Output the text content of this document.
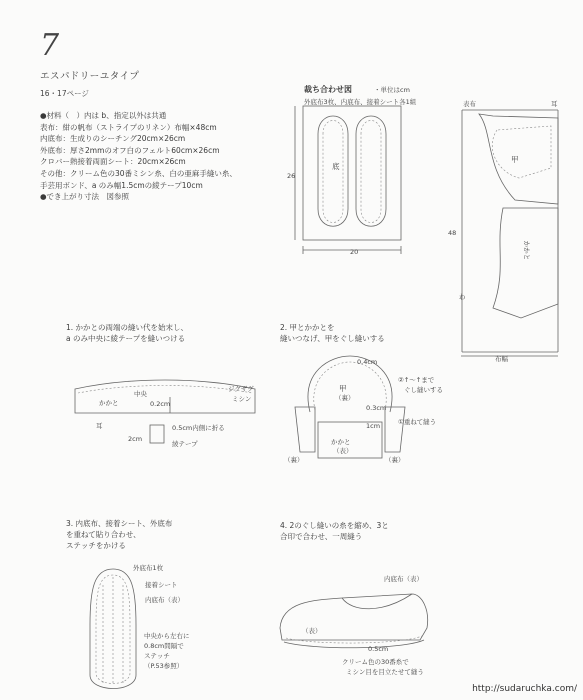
7
エスパドリーユタイプ
16・17ページ
●材料（　）内は b、指定以外は共通
表布：紺の帆布（ストライプのリネン）布幅×48cm
内底布：生成りのシーチング20cm×26cm
外底布：厚さ2mmのオフ白のフェルト60cm×26cm
クロバー熱接着両面シート：20cm×26cm
その他：クリーム色の30番ミシン糸、白の亜麻手縫い糸、
手芸用ボンド、a のみ幅1.5cmの綾テープ10cm
●でき上がり寸法　図参照
裁ち合わせ図	・単位はcm
外底布3枚、内底布、接着シート各1組
底
26
20
表布	耳
甲
かかと
48
わ
布幅
1. かかとの両端の縫い代を始末し、
a のみ中央に綾テープを縫いつける
かかと
中央
0.2cm
ジグザグ
ミシン
耳	0.5cm内側に折る
2cm
綾テープ
2. 甲とかかとを
縫いつなげ、甲をぐし縫いする
0.4cm
甲
（裏）
②↑〜↑まで
ぐし縫いする
0.3cm
①重ねて縫う
1cm
かかと
（表）
（裏）	（裏）
3. 内底布、接着シート、外底布
を重ねて貼り合わせ、
ステッチをかける
外底布1枚
接着シート
内底布（表）
中央から左右に
0.8cm間隔で
ステッチ
（P.53参照）
4. 2のぐし縫いの糸を縮め、3と
合印で合わせ、一周縫う
内底布（表）
（表）
0.5cm
クリーム色の30番糸で
ミシン目を目立たせて縫う
http://sudaruchka.com/
